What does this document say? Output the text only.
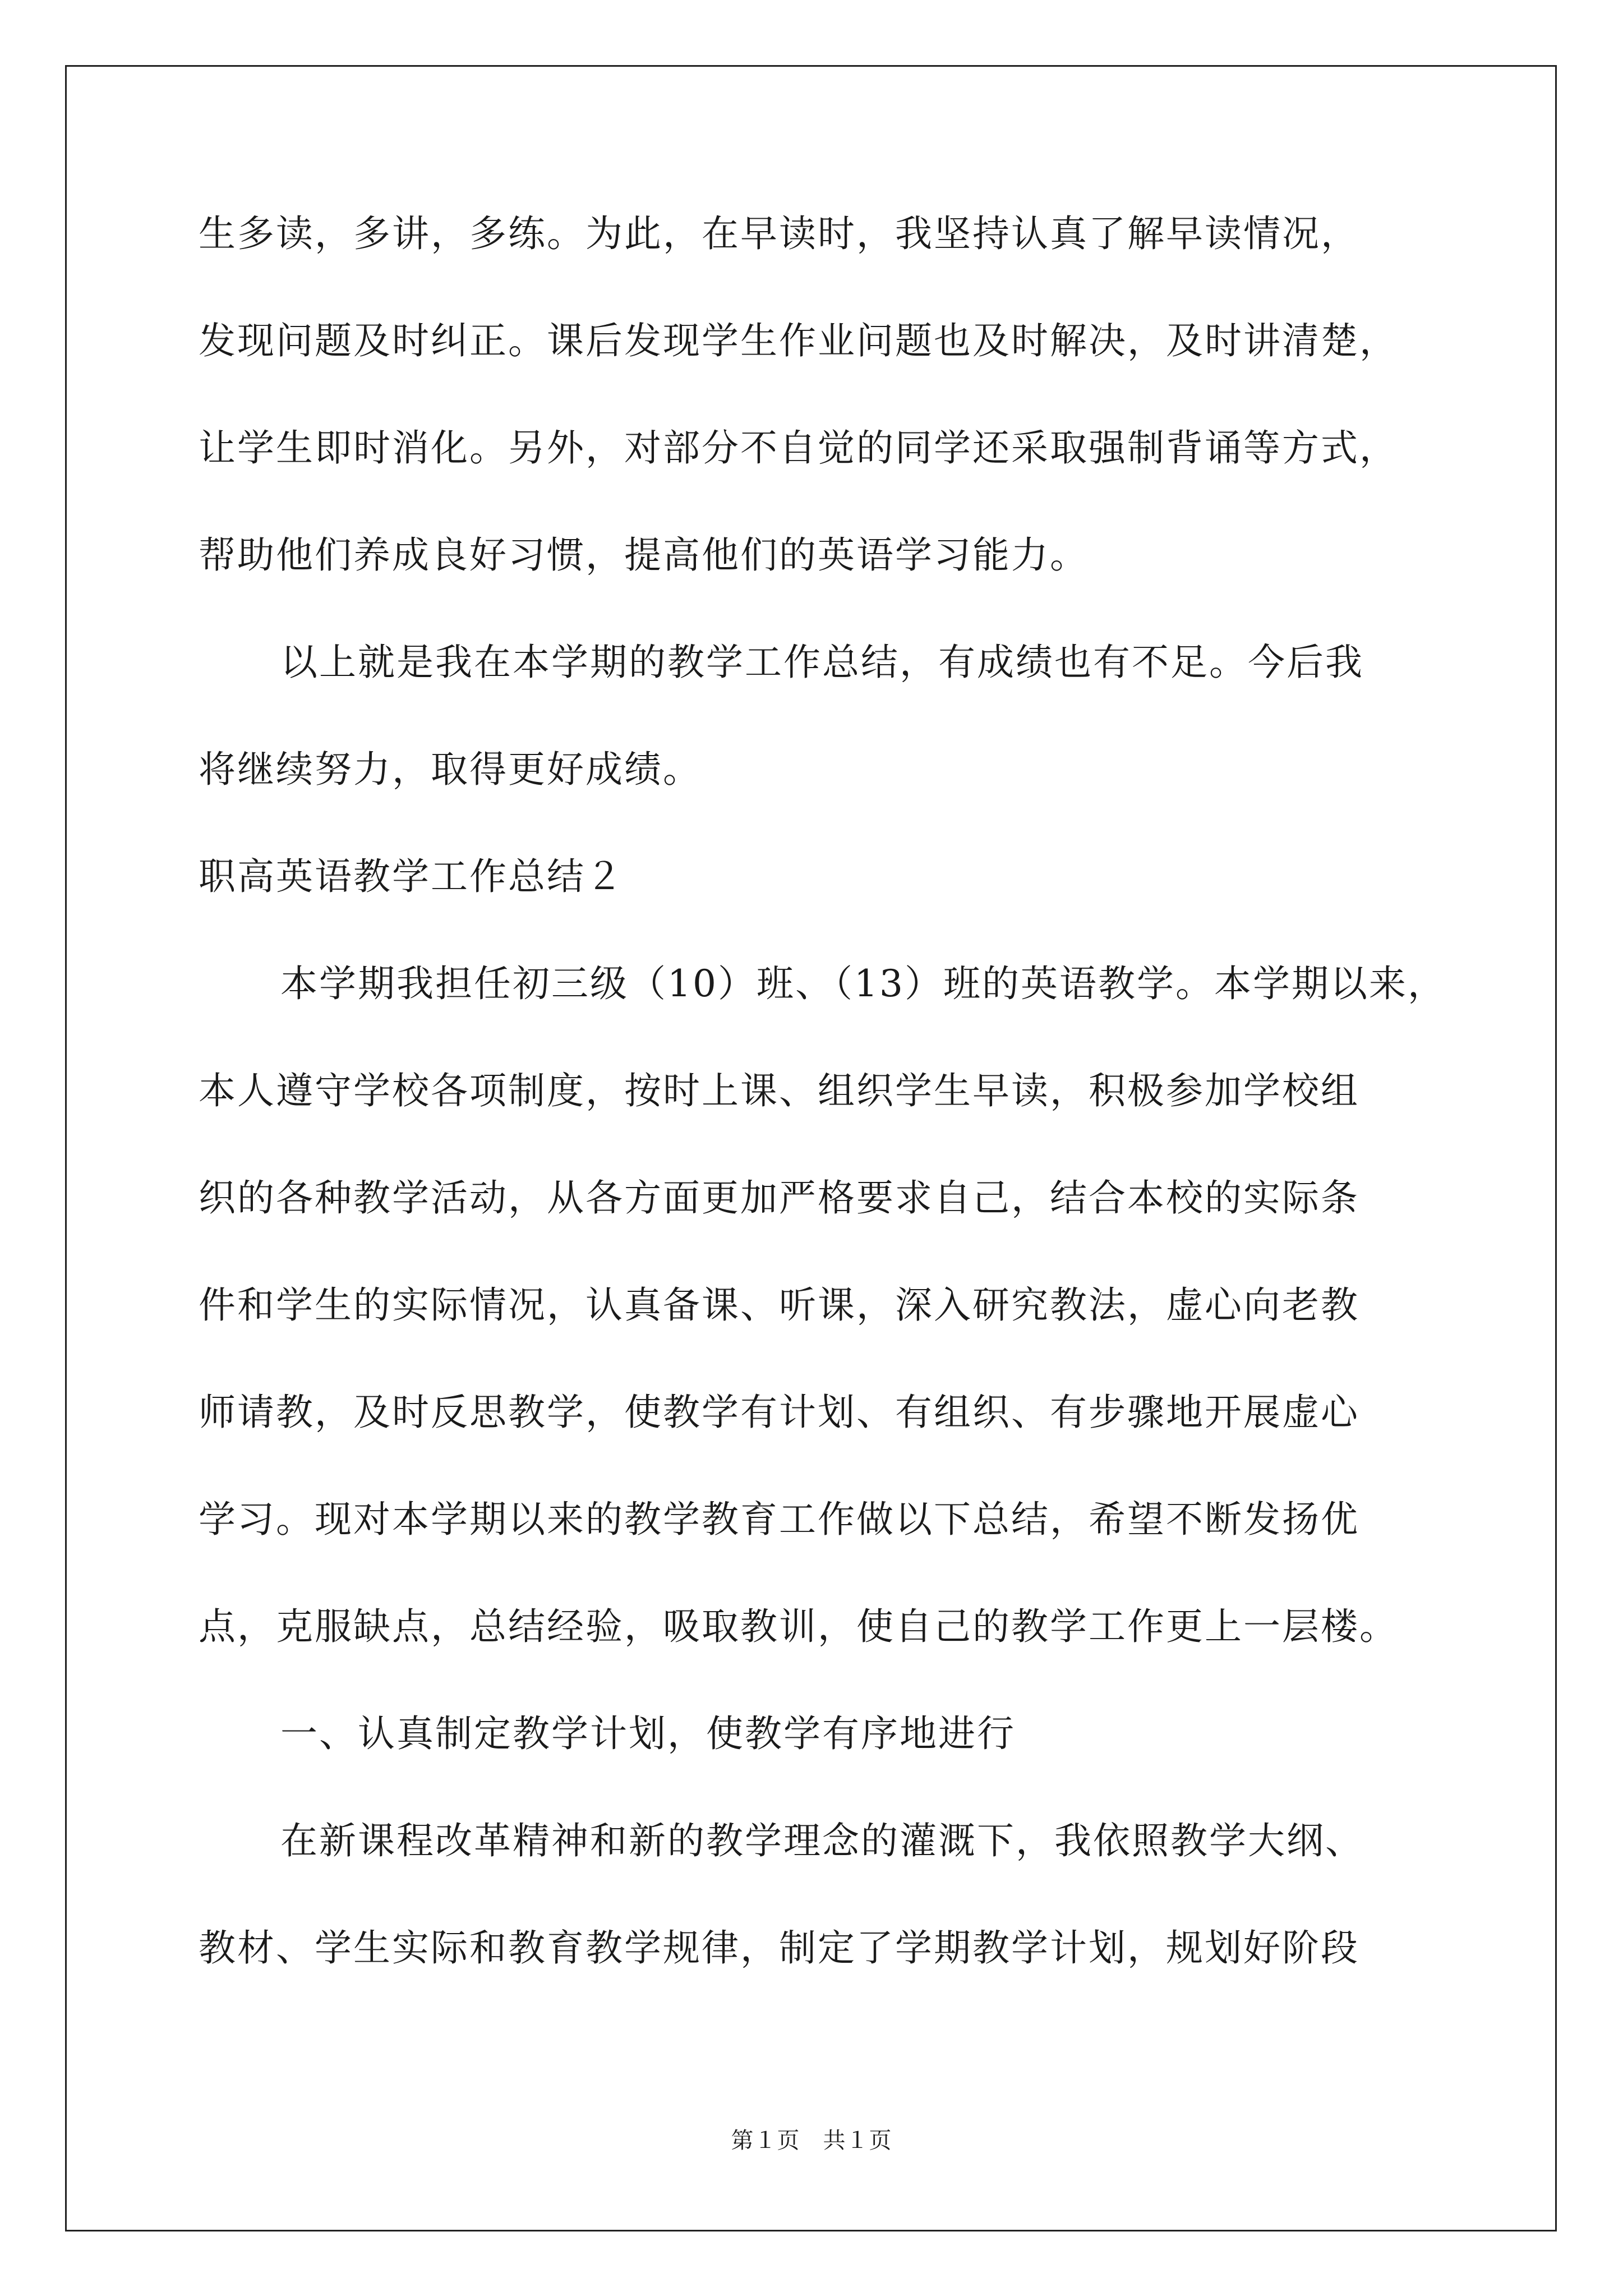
生多读，多讲，多练。为此，在早读时，我坚持认真了解早读情况，
发现问题及时纠正。课后发现学生作业问题也及时解决，及时讲清楚，
让学生即时消化。另外，对部分不自觉的同学还采取强制背诵等方式，
帮助他们养成良好习惯，提高他们的英语学习能力。
以上就是我在本学期的教学工作总结，有成绩也有不足。今后我
将继续努力，取得更好成绩。
职高英语教学工作总结２
本学期我担任初三级（10）班、（13）班的英语教学。本学期以来，
本人遵守学校各项制度，按时上课、组织学生早读，积极参加学校组
织的各种教学活动，从各方面更加严格要求自己，结合本校的实际条
件和学生的实际情况，认真备课、听课，深入研究教法，虚心向老教
师请教，及时反思教学，使教学有计划、有组织、有步骤地开展虚心
学习。现对本学期以来的教学教育工作做以下总结，希望不断发扬优
点，克服缺点，总结经验，吸取教训，使自己的教学工作更上一层楼。
一、认真制定教学计划，使教学有序地进行
在新课程改革精神和新的教学理念的灌溉下，我依照教学大纲、
教材、学生实际和教育教学规律，制定了学期教学计划，规划好阶段
第１页　共１页
